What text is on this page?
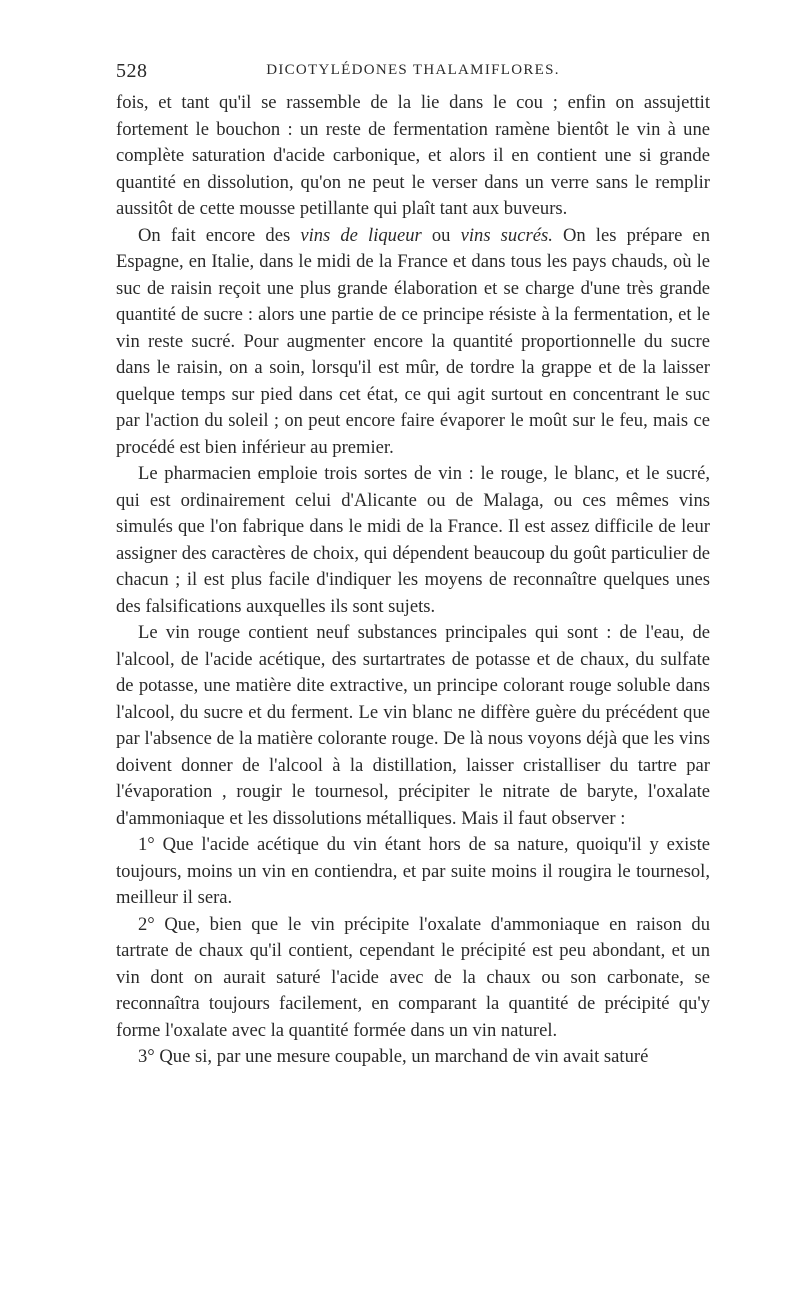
528	DICOTYLÉDONES THALAMIFLORES.

fois, et tant qu'il se rassemble de la lie dans le cou ; enfin on assujettit fortement le bouchon : un reste de fermentation ramène bientôt le vin à une complète saturation d'acide carbonique, et alors il en contient une si grande quantité en dissolution, qu'on ne peut le verser dans un verre sans le remplir aussitôt de cette mousse petillante qui plaît tant aux buveurs.

On fait encore des vins de liqueur ou vins sucrés. On les prépare en Espagne, en Italie, dans le midi de la France et dans tous les pays chauds, où le suc de raisin reçoit une plus grande élaboration et se charge d'une très grande quantité de sucre : alors une partie de ce principe résiste à la fermentation, et le vin reste sucré. Pour augmenter encore la quantité proportionnelle du sucre dans le raisin, on a soin, lorsqu'il est mûr, de tordre la grappe et de la laisser quelque temps sur pied dans cet état, ce qui agit surtout en concentrant le suc par l'action du soleil ; on peut encore faire évaporer le moût sur le feu, mais ce procédé est bien inférieur au premier.

Le pharmacien emploie trois sortes de vin : le rouge, le blanc, et le sucré, qui est ordinairement celui d'Alicante ou de Malaga, ou ces mêmes vins simulés que l'on fabrique dans le midi de la France. Il est assez difficile de leur assigner des caractères de choix, qui dépendent beaucoup du goût particulier de chacun ; il est plus facile d'indiquer les moyens de reconnaître quelques unes des falsifications auxquelles ils sont sujets.

Le vin rouge contient neuf substances principales qui sont : de l'eau, de l'alcool, de l'acide acétique, des surtartrates de potasse et de chaux, du sulfate de potasse, une matière dite extractive, un principe colorant rouge soluble dans l'alcool, du sucre et du ferment. Le vin blanc ne diffère guère du précédent que par l'absence de la matière colorante rouge. De là nous voyons déjà que les vins doivent donner de l'alcool à la distillation, laisser cristalliser du tartre par l'évaporation , rougir le tournesol, précipiter le nitrate de baryte, l'oxalate d'ammoniaque et les dissolutions métalliques. Mais il faut observer :

1° Que l'acide acétique du vin étant hors de sa nature, quoiqu'il y existe toujours, moins un vin en contiendra, et par suite moins il rougira le tournesol, meilleur il sera.

2° Que, bien que le vin précipite l'oxalate d'ammoniaque en raison du tartrate de chaux qu'il contient, cependant le précipité est peu abondant, et un vin dont on aurait saturé l'acide avec de la chaux ou son carbonate, se reconnaîtra toujours facilement, en comparant la quantité de précipité qu'y forme l'oxalate avec la quantité formée dans un vin naturel.

3° Que si, par une mesure coupable, un marchand de vin avait saturé
